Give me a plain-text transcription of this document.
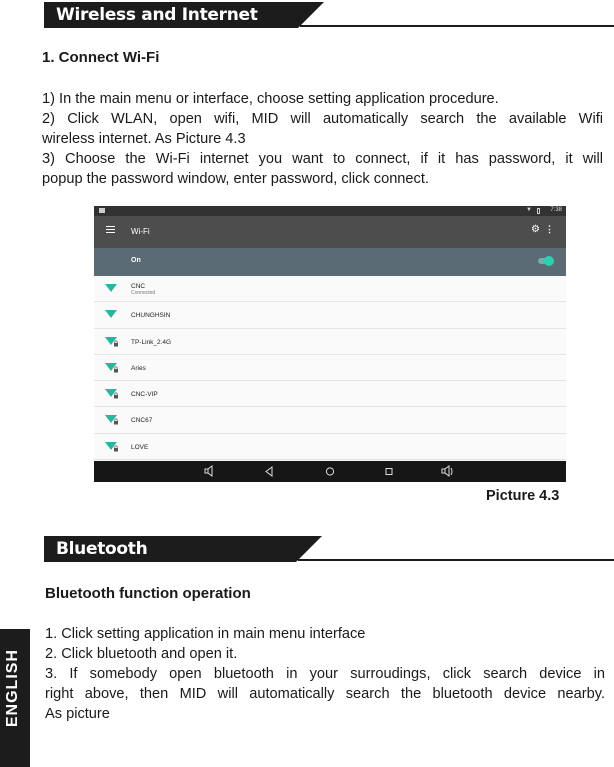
Wireless and Internet
1. Connect Wi-Fi
1) In the main menu or interface, choose setting application procedure.
2) Click WLAN, open wifi, MID will automatically search the available Wifi
wireless internet. As Picture 4.3
3) Choose the Wi-Fi internet you want to connect, if it has password, it will
popup the password window, enter password, click connect.
▼	7:38
Wi-Fi	⚙ ⋮
On
CNC
Connected
CHUNGHSIN
TP-Link_2.4G
Aries
CNC-VIP
CNC67
LOVE
Picture 4.3
Bluetooth
Bluetooth function operation
1. Click setting application in main menu interface
2. Click bluetooth and open it.
3. If somebody open bluetooth in your surroudings, click search device in
right above, then MID will automatically search the bluetooth device nearby.
As picture
ENGLISH
